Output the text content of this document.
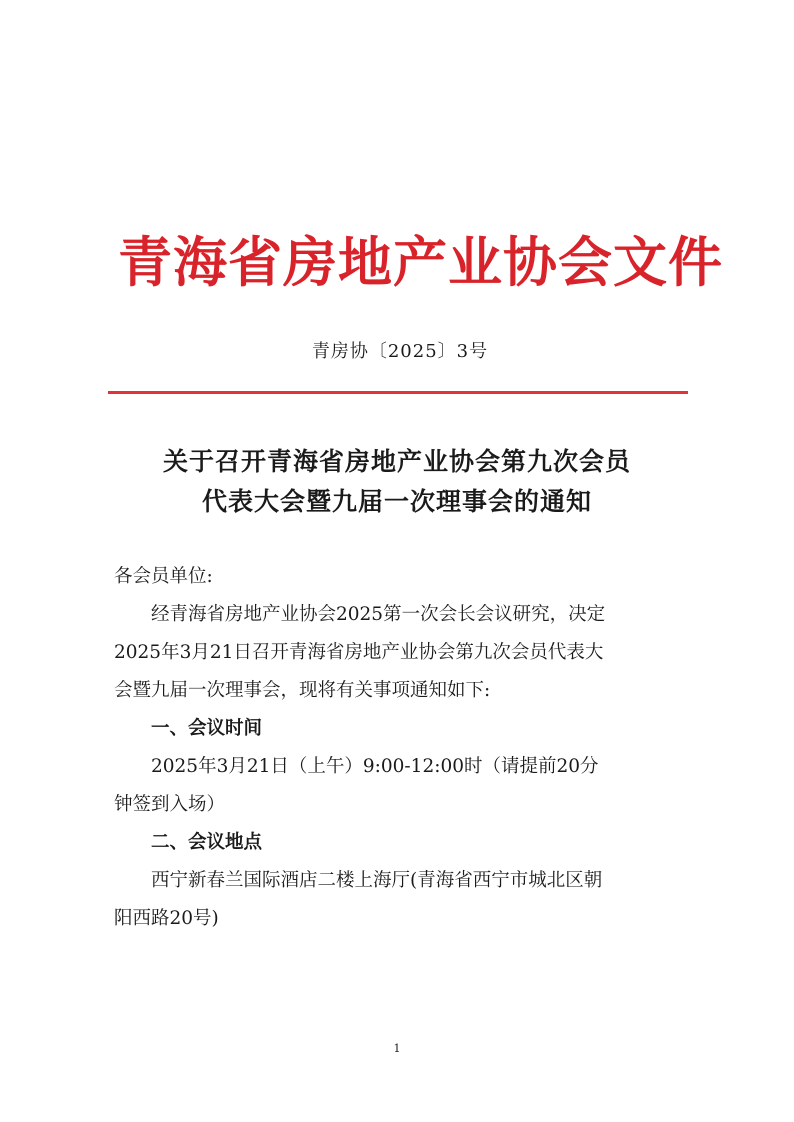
青海省房地产业协会文件
青房协〔2025〕3号
关于召开青海省房地产业协会第九次会员
代表大会暨九届一次理事会的通知

各会员单位:

经青海省房地产业协会2025第一次会长会议研究，决定
2025年3月21日召开青海省房地产业协会第九次会员代表大
会暨九届一次理事会，现将有关事项通知如下:

一、会议时间

2025年3月21日（上午）9:00-12:00时（请提前20分
钟签到入场）

二、会议地点

西宁新春兰国际酒店二楼上海厅(青海省西宁市城北区朝
阳西路20号)
1
